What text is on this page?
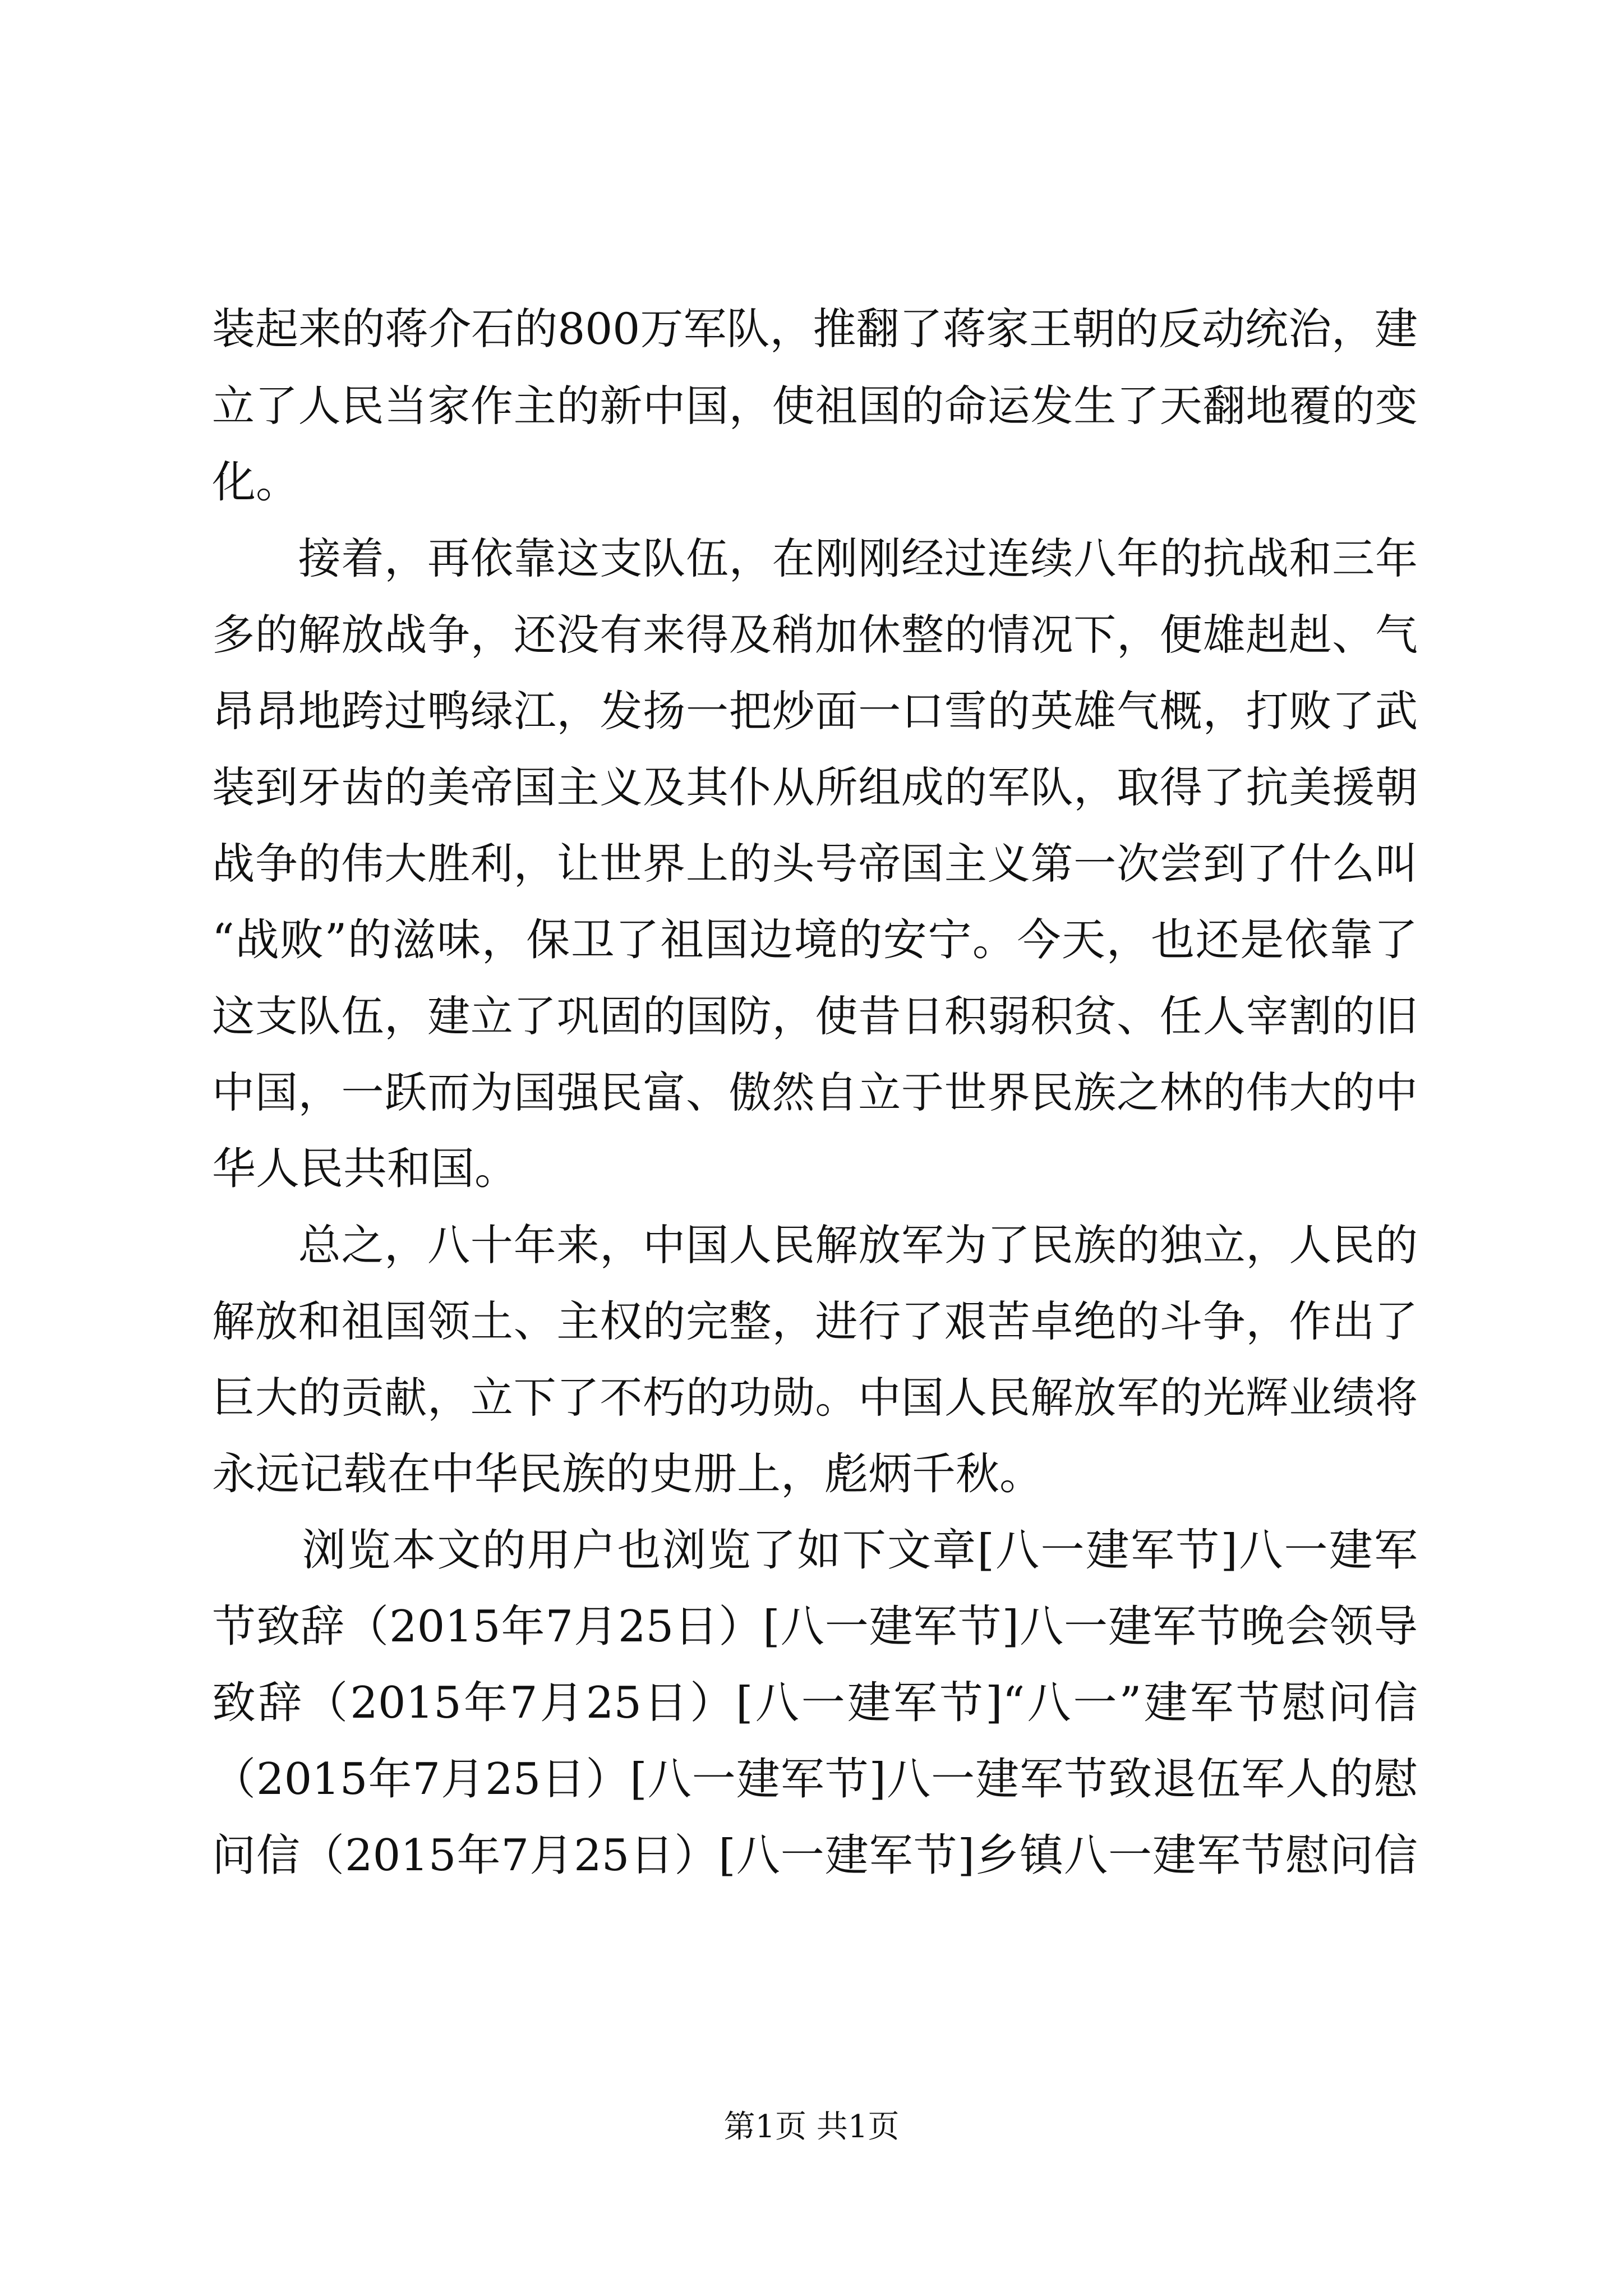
装起来的蒋介石的800万军队，推翻了蒋家王朝的反动统治，建
立了人民当家作主的新中国，使祖国的命运发生了天翻地覆的变
化。
　　接着，再依靠这支队伍，在刚刚经过连续八年的抗战和三年
多的解放战争，还没有来得及稍加休整的情况下，便雄赳赳、气
昂昂地跨过鸭绿江，发扬一把炒面一口雪的英雄气概，打败了武
装到牙齿的美帝国主义及其仆从所组成的军队，取得了抗美援朝
战争的伟大胜利，让世界上的头号帝国主义第一次尝到了什么叫
“战败”的滋味，保卫了祖国边境的安宁。今天，也还是依靠了
这支队伍，建立了巩固的国防，使昔日积弱积贫、任人宰割的旧
中国，一跃而为国强民富、傲然自立于世界民族之林的伟大的中
华人民共和国。
　　总之，八十年来，中国人民解放军为了民族的独立，人民的
解放和祖国领土、主权的完整，进行了艰苦卓绝的斗争，作出了
巨大的贡献，立下了不朽的功勋。中国人民解放军的光辉业绩将
永远记载在中华民族的史册上，彪炳千秋。
　　浏览本文的用户也浏览了如下文章[八一建军节]八一建军
节致辞（2015年7月25日）[八一建军节]八一建军节晚会领导
致辞（2015年7月25日）[八一建军节]“八一”建军节慰问信
（2015年7月25日）[八一建军节]八一建军节致退伍军人的慰
问信（2015年7月25日）[八一建军节]乡镇八一建军节慰问信
第1页 共1页
